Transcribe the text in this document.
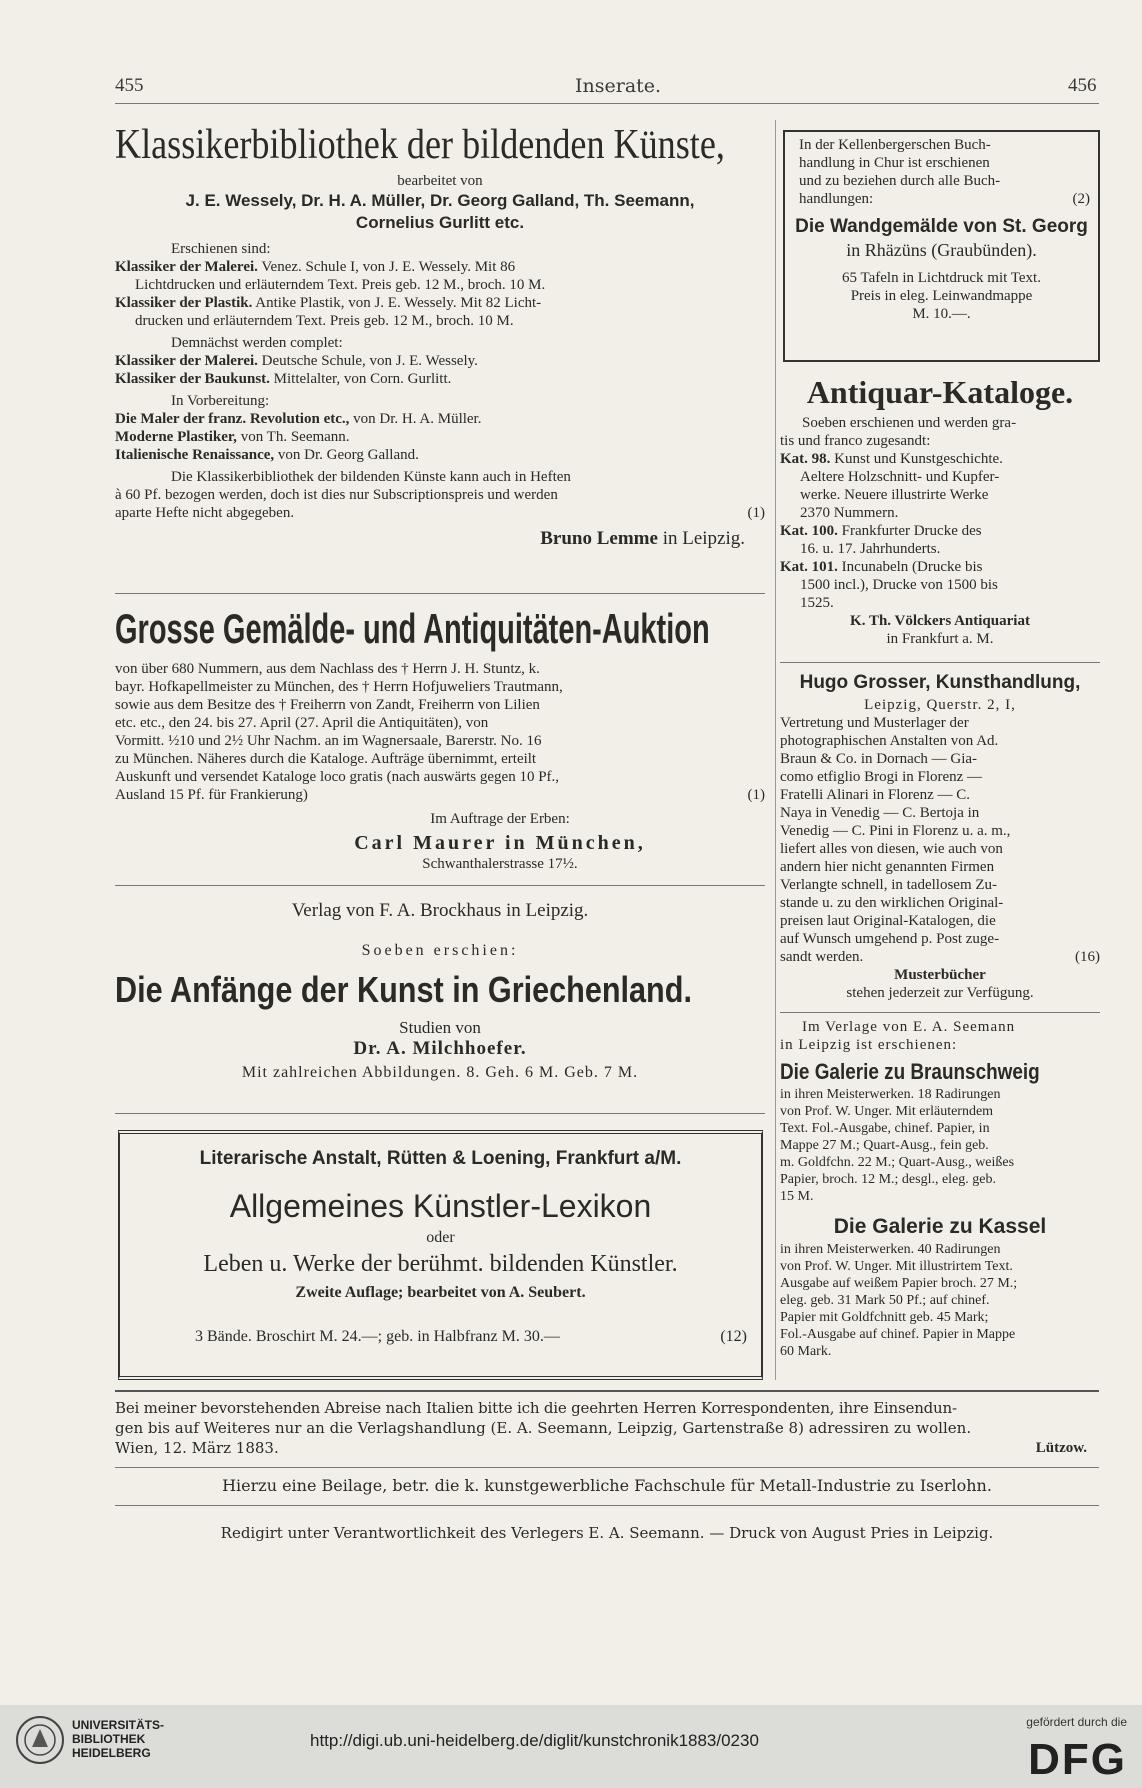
455	Inserate.	456
Klassikerbibliothek der bildenden Künste,
bearbeitet von
J. E. Wessely, Dr. H. A. Müller, Dr. Georg Galland, Th. Seemann,
Cornelius Gurlitt etc.
Erschienen sind:
Klassiker der Malerei. Venez. Schule I, von J. E. Wessely. Mit 86
Lichtdrucken und erläuterndem Text. Preis geb. 12 M., broch. 10 M.
Klassiker der Plastik. Antike Plastik, von J. E. Wessely. Mit 82 Licht-
drucken und erläuterndem Text. Preis geb. 12 M., broch. 10 M.
Demnächst werden complet:
Klassiker der Malerei. Deutsche Schule, von J. E. Wessely.
Klassiker der Baukunst. Mittelalter, von Corn. Gurlitt.
In Vorbereitung:
Die Maler der franz. Revolution etc., von Dr. H. A. Müller.
Moderne Plastiker, von Th. Seemann.
Italienische Renaissance, von Dr. Georg Galland.
Die Klassikerbibliothek der bildenden Künste kann auch in Heften
à 60 Pf. bezogen werden, doch ist dies nur Subscriptionspreis und werden
aparte Hefte nicht abgegeben.	(1)
Bruno Lemme in Leipzig.
Grosse Gemälde- und Antiquitäten-Auktion
von über 680 Nummern, aus dem Nachlass des † Herrn J. H. Stuntz, k.
bayr. Hofkapellmeister zu München, des † Herrn Hofjuweliers Trautmann,
sowie aus dem Besitze des † Freiherrn von Zandt, Freiherrn von Lilien
etc. etc., den 24. bis 27. April (27. April die Antiquitäten), von
Vormitt. ½10 und 2½ Uhr Nachm. an im Wagnersaale, Barerstr. No. 16
zu München. Näheres durch die Kataloge. Aufträge übernimmt, erteilt
Auskunft und versendet Kataloge loco gratis (nach auswärts gegen 10 Pf.,
Ausland 15 Pf. für Frankierung)	(1)
Im Auftrage der Erben:
Carl Maurer in München,
Schwanthalerstrasse 17½.
Verlag von F. A. Brockhaus in Leipzig.
Soeben erschien:
Die Anfänge der Kunst in Griechenland.
Studien von
Dr. A. Milchhoefer.
Mit zahlreichen Abbildungen. 8. Geh. 6 M. Geb. 7 M.
Literarische Anstalt, Rütten & Loening, Frankfurt a/M.
Allgemeines Künstler-Lexikon
oder
Leben u. Werke der berühmt. bildenden Künstler.
Zweite Auflage; bearbeitet von A. Seubert.
3 Bände. Broschirt M. 24.—; geb. in Halbfranz M. 30.—	(12)
In der Kellenbergerschen Buch-
handlung in Chur ist erschienen
und zu beziehen durch alle Buch-
handlungen:	(2)
Die Wandgemälde von St. Georg
in Rhäzüns (Graubünden).
65 Tafeln in Lichtdruck mit Text.
Preis in eleg. Leinwandmappe
M. 10.—.
Antiquar-Kataloge.
Soeben erschienen und werden gra-
tis und franco zugesandt:
Kat. 98. Kunst und Kunstgeschichte.
Aeltere Holzschnitt- und Kupfer-
werke. Neuere illustrirte Werke
2370 Nummern.
Kat. 100. Frankfurter Drucke des
16. u. 17. Jahrhunderts.
Kat. 101. Incunabeln (Drucke bis
1500 incl.), Drucke von 1500 bis
1525.
K. Th. Völckers Antiquariat
in Frankfurt a. M.
Hugo Grosser, Kunsthandlung,
Leipzig, Querstr. 2, I,
Vertretung und Musterlager der
photographischen Anstalten von Ad.
Braun & Co. in Dornach — Gia-
como etfiglio Brogi in Florenz —
Fratelli Alinari in Florenz — C.
Naya in Venedig — C. Bertoja in
Venedig — C. Pini in Florenz u. a. m.,
liefert alles von diesen, wie auch von
andern hier nicht genannten Firmen
Verlangte schnell, in tadellosem Zu-
stande u. zu den wirklichen Original-
preisen laut Original-Katalogen, die
auf Wunsch umgehend p. Post zuge-
sandt werden.	(16)
Musterbücher
stehen jederzeit zur Verfügung.
Im Verlage von E. A. Seemann
in Leipzig ist erschienen:
Die Galerie zu Braunschweig
in ihren Meisterwerken. 18 Radirungen
von Prof. W. Unger. Mit erläuterndem
Text. Fol.-Ausgabe, chinef. Papier, in
Mappe 27 M.; Quart-Ausg., fein geb.
m. Goldfchn. 22 M.; Quart-Ausg., weißes
Papier, broch. 12 M.; desgl., eleg. geb.
15 M.
Die Galerie zu Kassel
in ihren Meisterwerken. 40 Radirungen
von Prof. W. Unger. Mit illustrirtem Text.
Ausgabe auf weißem Papier broch. 27 M.;
eleg. geb. 31 Mark 50 Pf.; auf chinef.
Papier mit Goldfchnitt geb. 45 Mark;
Fol.-Ausgabe auf chinef. Papier in Mappe
60 Mark.
Bei meiner bevorstehenden Abreise nach Italien bitte ich die geehrten Herren Korrespondenten, ihre Einsendun-
gen bis auf Weiteres nur an die Verlagshandlung (E. A. Seemann, Leipzig, Gartenstraße 8) adressiren zu wollen.
Wien, 12. März 1883.	Lützow.
Hierzu eine Beilage, betr. die k. kunstgewerbliche Fachschule für Metall-Industrie zu Iserlohn.
Redigirt unter Verantwortlichkeit des Verlegers E. A. Seemann. — Druck von August Pries in Leipzig.
UNIVERSITÄTS-
BIBLIOTHEK
HEIDELBERG
http://digi.ub.uni-heidelberg.de/diglit/kunstchronik1883/0230
gefördert durch die
DFG
